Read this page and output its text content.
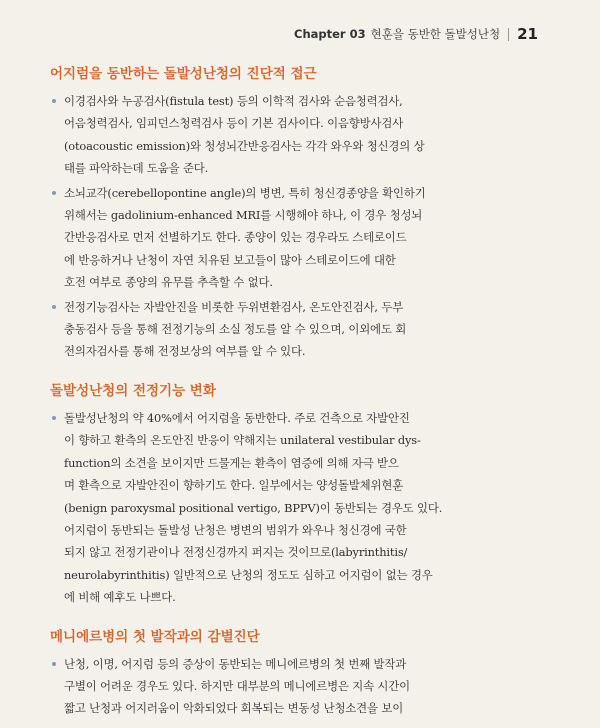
Chapter 03 현훈을 동반한 돌발성난청 21
어지럼을 동반하는 돌발성난청의 진단적 접근
이경검사와 누공검사(fistula test) 등의 이학적 검사와 순음청력검사,
어음청력검사, 임피던스청력검사 등이 기본 검사이다. 이음향방사검사
(otoacoustic emission)와 청성뇌간반응검사는 각각 와우와 청신경의 상
태를 파악하는데 도움을 준다.
소뇌교각(cerebellopontine angle)의 병변, 특히 청신경종양을 확인하기
위해서는 gadolinium-enhanced MRI를 시행해야 하나, 이 경우 청성뇌
간반응검사로 먼저 선별하기도 한다. 종양이 있는 경우라도 스테로이드
에 반응하거나 난청이 자연 치유된 보고들이 많아 스테로이드에 대한
호전 여부로 종양의 유무를 추측할 수 없다.
전정기능검사는 자발안진을 비롯한 두위변환검사, 온도안진검사, 두부
충동검사 등을 통해 전정기능의 소실 정도를 알 수 있으며, 이외에도 회
전의자검사를 통해 전정보상의 여부를 알 수 있다.
돌발성난청의 전정기능 변화
돌발성난청의 약 40%에서 어지럼을 동반한다. 주로 건측으로 자발안진
이 향하고 환측의 온도안진 반응이 약해지는 unilateral vestibular dys-
function의 소견을 보이지만 드물게는 환측이 염증에 의해 자극 받으
며 환측으로 자발안진이 향하기도 한다. 일부에서는 양성돌발체위현훈
(benign paroxysmal positional vertigo, BPPV)이 동반되는 경우도 있다.
어지럼이 동반되는 돌발성 난청은 병변의 범위가 와우나 청신경에 국한
되지 않고 전정기관이나 전정신경까지 퍼지는 것이므로(labyrinthitis/
neurolabyrinthitis) 일반적으로 난청의 정도도 심하고 어지럼이 없는 경우
에 비해 예후도 나쁘다.
메니에르병의 첫 발작과의 감별진단
난청, 이명, 어지럼 등의 증상이 동반되는 메니에르병의 첫 번째 발작과
구별이 어려운 경우도 있다. 하지만 대부분의 메니에르병은 지속 시간이
짧고 난청과 어지러움이 악화되었다 회복되는 변동성 난청소견을 보이
